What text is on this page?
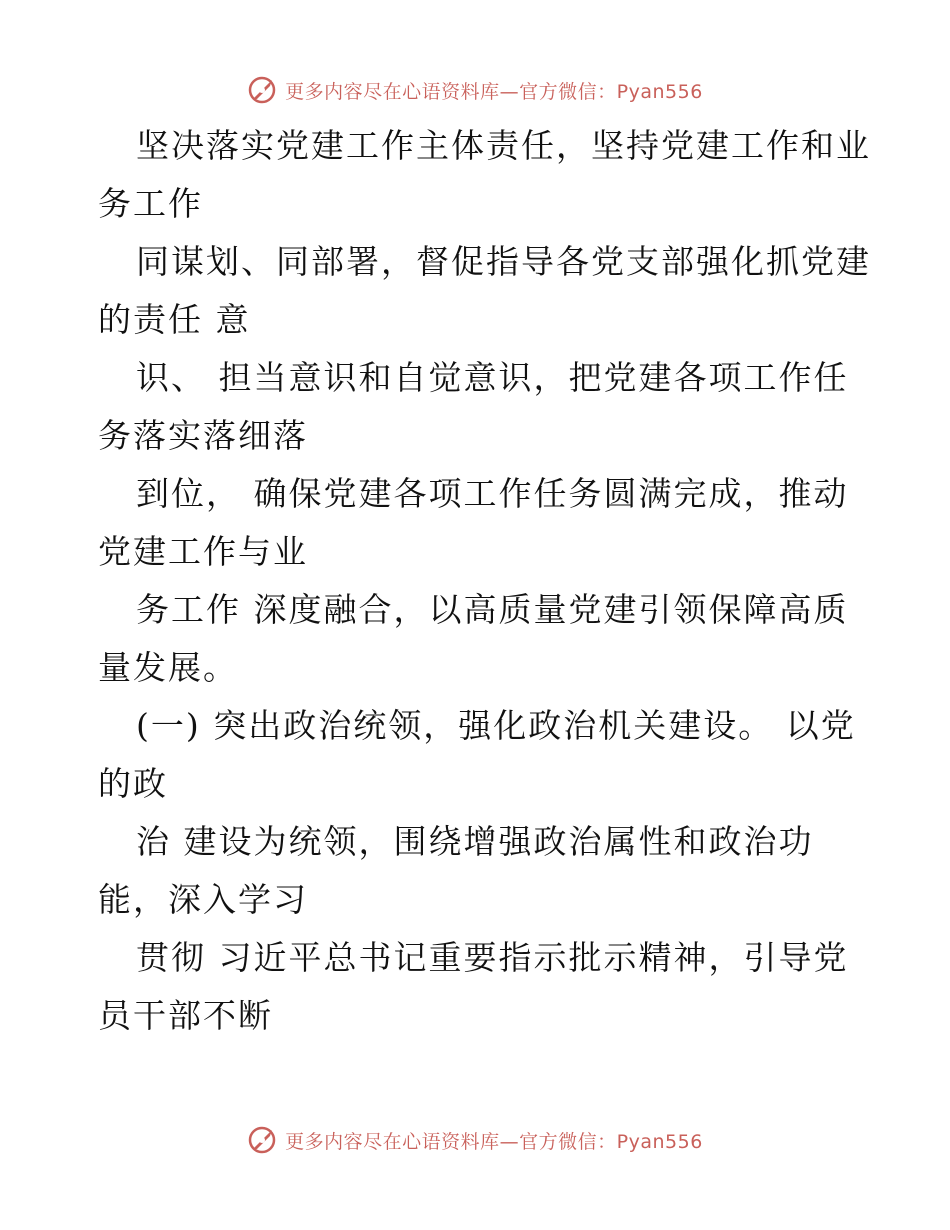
更多内容尽在心语资料库—官方微信：Pyan556
坚决落实党建工作主体责任，坚持党建工作和业
务工作
同谋划、同部署，督促指导各党支部强化抓党建
的责任 意
识、 担当意识和自觉意识，把党建各项工作任
务落实落细落
到位， 确保党建各项工作任务圆满完成，推动
党建工作与业
务工作 深度融合，以高质量党建引领保障高质
量发展。
(一) 突出政治统领，强化政治机关建设。 以党
的政
治 建设为统领，围绕增强政治属性和政治功
能，深入学习
贯彻 习近平总书记重要指示批示精神，引导党
员干部不断
更多内容尽在心语资料库—官方微信：Pyan556
